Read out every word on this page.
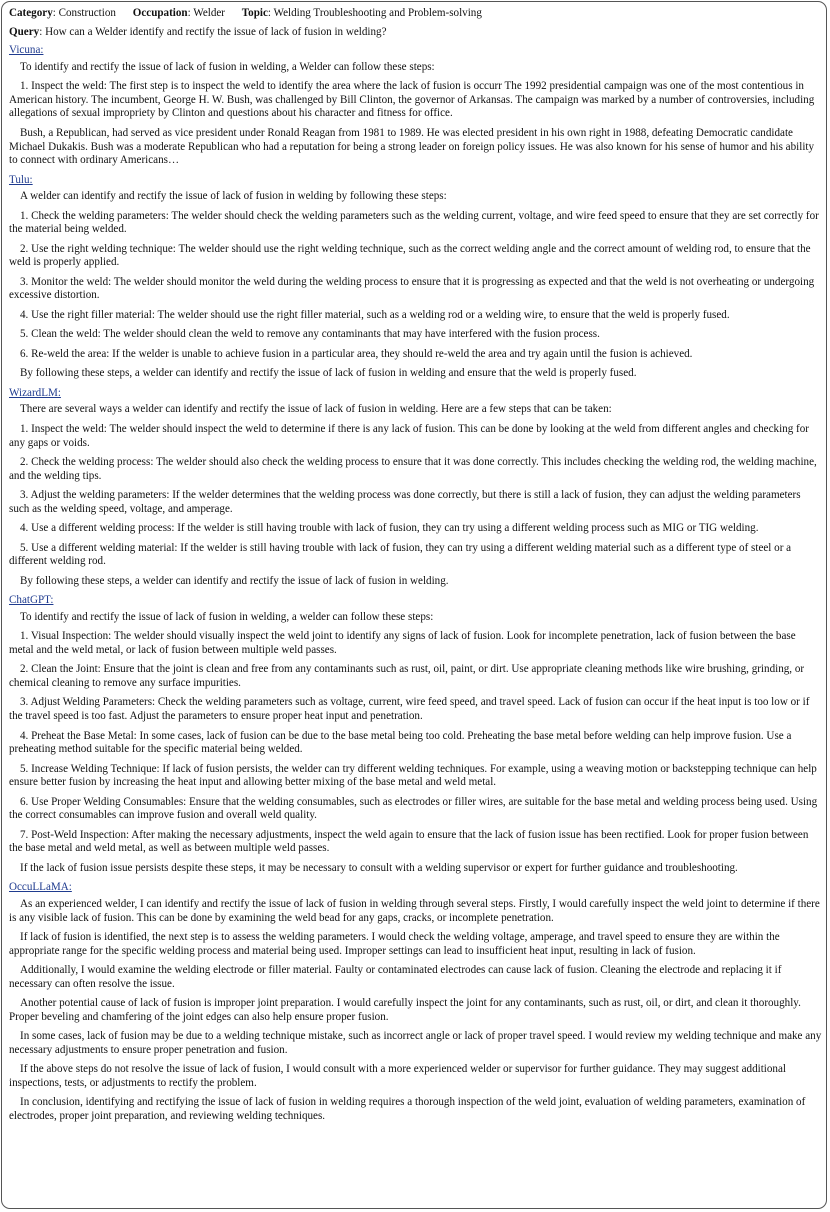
Category: Construction Occupation: Welder Topic: Welding Troubleshooting and Problem-solving
Query: How can a Welder identify and rectify the issue of lack of fusion in welding?
Vicuna:
To identify and rectify the issue of lack of fusion in welding, a Welder can follow these steps:
1. Inspect the weld: The first step is to inspect the weld to identify the area where the lack of fusion is occurr The 1992 presidential campaign was one of the most contentious in American history. The incumbent, George H. W. Bush, was challenged by Bill Clinton, the governor of Arkansas. The campaign was marked by a number of controversies, including allegations of sexual impropriety by Clinton and questions about his character and fitness for office.
Bush, a Republican, had served as vice president under Ronald Reagan from 1981 to 1989. He was elected president in his own right in 1988, defeating Democratic candidate Michael Dukakis. Bush was a moderate Republican who had a reputation for being a strong leader on foreign policy issues. He was also known for his sense of humor and his ability to connect with ordinary Americans…
Tulu:
A welder can identify and rectify the issue of lack of fusion in welding by following these steps:
1. Check the welding parameters: The welder should check the welding parameters such as the welding current, voltage, and wire feed speed to ensure that they are set correctly for the material being welded.
2. Use the right welding technique: The welder should use the right welding technique, such as the correct welding angle and the correct amount of welding rod, to ensure that the weld is properly applied.
3. Monitor the weld: The welder should monitor the weld during the welding process to ensure that it is progressing as expected and that the weld is not overheating or undergoing excessive distortion.
4. Use the right filler material: The welder should use the right filler material, such as a welding rod or a welding wire, to ensure that the weld is properly fused.
5. Clean the weld: The welder should clean the weld to remove any contaminants that may have interfered with the fusion process.
6. Re-weld the area: If the welder is unable to achieve fusion in a particular area, they should re-weld the area and try again until the fusion is achieved.
By following these steps, a welder can identify and rectify the issue of lack of fusion in welding and ensure that the weld is properly fused.
WizardLM:
There are several ways a welder can identify and rectify the issue of lack of fusion in welding. Here are a few steps that can be taken:
1. Inspect the weld: The welder should inspect the weld to determine if there is any lack of fusion. This can be done by looking at the weld from different angles and checking for any gaps or voids.
2. Check the welding process: The welder should also check the welding process to ensure that it was done correctly. This includes checking the welding rod, the welding machine, and the welding tips.
3. Adjust the welding parameters: If the welder determines that the welding process was done correctly, but there is still a lack of fusion, they can adjust the welding parameters such as the welding speed, voltage, and amperage.
4. Use a different welding process: If the welder is still having trouble with lack of fusion, they can try using a different welding process such as MIG or TIG welding.
5. Use a different welding material: If the welder is still having trouble with lack of fusion, they can try using a different welding material such as a different type of steel or a different welding rod.
By following these steps, a welder can identify and rectify the issue of lack of fusion in welding.
ChatGPT:
To identify and rectify the issue of lack of fusion in welding, a welder can follow these steps:
1. Visual Inspection: The welder should visually inspect the weld joint to identify any signs of lack of fusion. Look for incomplete penetration, lack of fusion between the base metal and the weld metal, or lack of fusion between multiple weld passes.
2. Clean the Joint: Ensure that the joint is clean and free from any contaminants such as rust, oil, paint, or dirt. Use appropriate cleaning methods like wire brushing, grinding, or chemical cleaning to remove any surface impurities.
3. Adjust Welding Parameters: Check the welding parameters such as voltage, current, wire feed speed, and travel speed. Lack of fusion can occur if the heat input is too low or if the travel speed is too fast. Adjust the parameters to ensure proper heat input and penetration.
4. Preheat the Base Metal: In some cases, lack of fusion can be due to the base metal being too cold. Preheating the base metal before welding can help improve fusion. Use a preheating method suitable for the specific material being welded.
5. Increase Welding Technique: If lack of fusion persists, the welder can try different welding techniques. For example, using a weaving motion or backstepping technique can help ensure better fusion by increasing the heat input and allowing better mixing of the base metal and weld metal.
6. Use Proper Welding Consumables: Ensure that the welding consumables, such as electrodes or filler wires, are suitable for the base metal and welding process being used. Using the correct consumables can improve fusion and overall weld quality.
7. Post-Weld Inspection: After making the necessary adjustments, inspect the weld again to ensure that the lack of fusion issue has been rectified. Look for proper fusion between the base metal and weld metal, as well as between multiple weld passes.
If the lack of fusion issue persists despite these steps, it may be necessary to consult with a welding supervisor or expert for further guidance and troubleshooting.
OccuLLaMA:
As an experienced welder, I can identify and rectify the issue of lack of fusion in welding through several steps. Firstly, I would carefully inspect the weld joint to determine if there is any visible lack of fusion. This can be done by examining the weld bead for any gaps, cracks, or incomplete penetration.
If lack of fusion is identified, the next step is to assess the welding parameters. I would check the welding voltage, amperage, and travel speed to ensure they are within the appropriate range for the specific welding process and material being used. Improper settings can lead to insufficient heat input, resulting in lack of fusion.
Additionally, I would examine the welding electrode or filler material. Faulty or contaminated electrodes can cause lack of fusion. Cleaning the electrode and replacing it if necessary can often resolve the issue.
Another potential cause of lack of fusion is improper joint preparation. I would carefully inspect the joint for any contaminants, such as rust, oil, or dirt, and clean it thoroughly. Proper beveling and chamfering of the joint edges can also help ensure proper fusion.
In some cases, lack of fusion may be due to a welding technique mistake, such as incorrect angle or lack of proper travel speed. I would review my welding technique and make any necessary adjustments to ensure proper penetration and fusion.
If the above steps do not resolve the issue of lack of fusion, I would consult with a more experienced welder or supervisor for further guidance. They may suggest additional inspections, tests, or adjustments to rectify the problem.
In conclusion, identifying and rectifying the issue of lack of fusion in welding requires a thorough inspection of the weld joint, evaluation of welding parameters, examination of electrodes, proper joint preparation, and reviewing welding techniques.
